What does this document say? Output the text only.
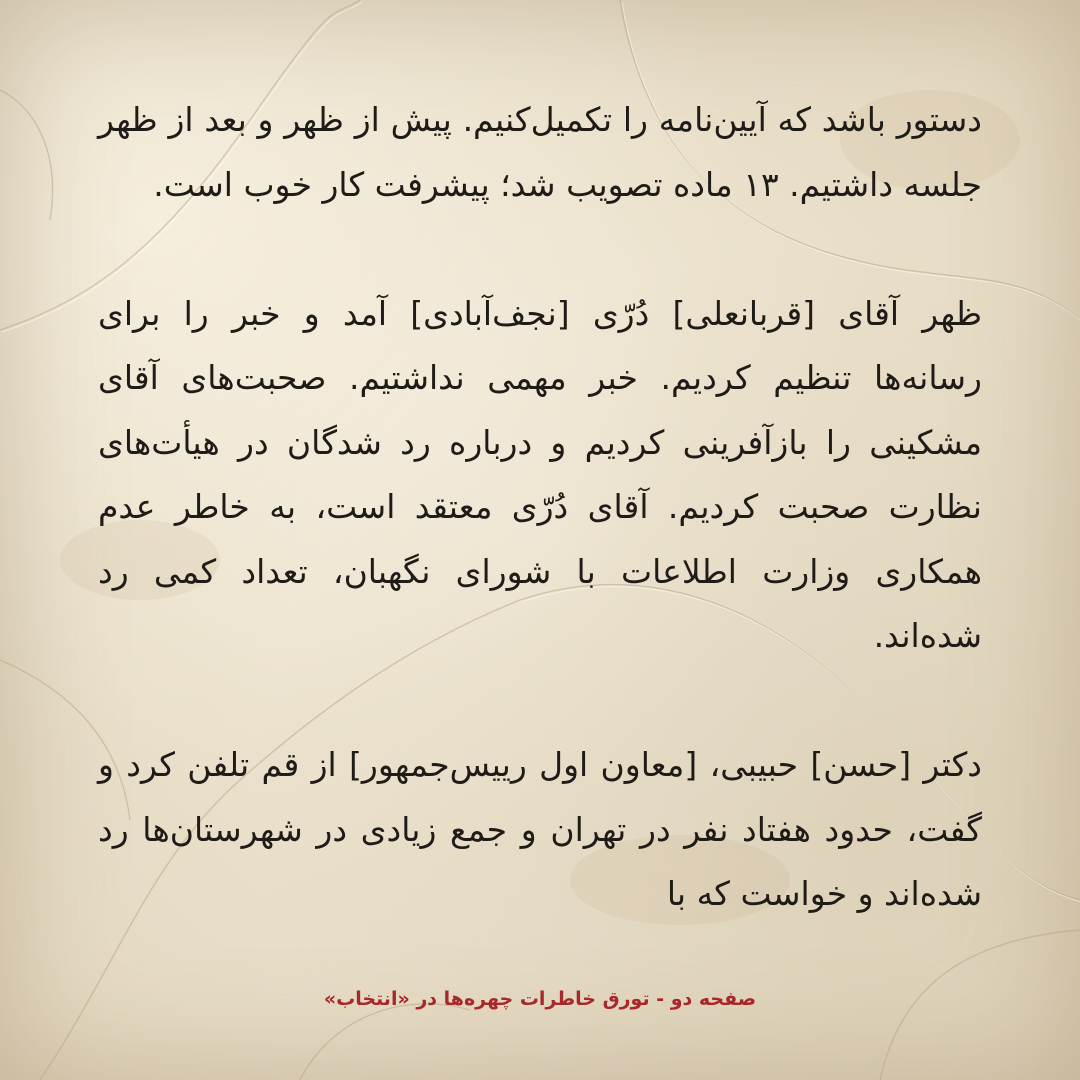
دستور باشد که آیین‌نامه را تکمیل‌کنیم. پیش از ظهر و بعد از ظهر جلسه داشتیم. ۱۳ ماده تصویب شد؛ پیشرفت کار خوب است.

ظهر آقای [قربانعلی] دُرّی [نجف‌آبادی] آمد و خبر را برای رسانه‌ها تنظیم کردیم. خبر مهمی نداشتیم. صحبت‌های آقای مشکینی را بازآفرینی کردیم و درباره رد شدگان در هیأت‌های نظارت صحبت کردیم. آقای دُرّی معتقد است، به خاطر عدم همکاری وزارت اطلاعات با شورای نگهبان، تعداد کمی رد شده‌اند.

دکتر [حسن] حبیبی، [معاون اول رییس‌جمهور] از قم تلفن کرد و گفت، حدود هفتاد نفر در تهران و جمع زیادی در شهرستان‌ها رد شده‌اند و خواست که با

صفحه دو - تورق خاطرات چهره‌ها در «انتخاب»
